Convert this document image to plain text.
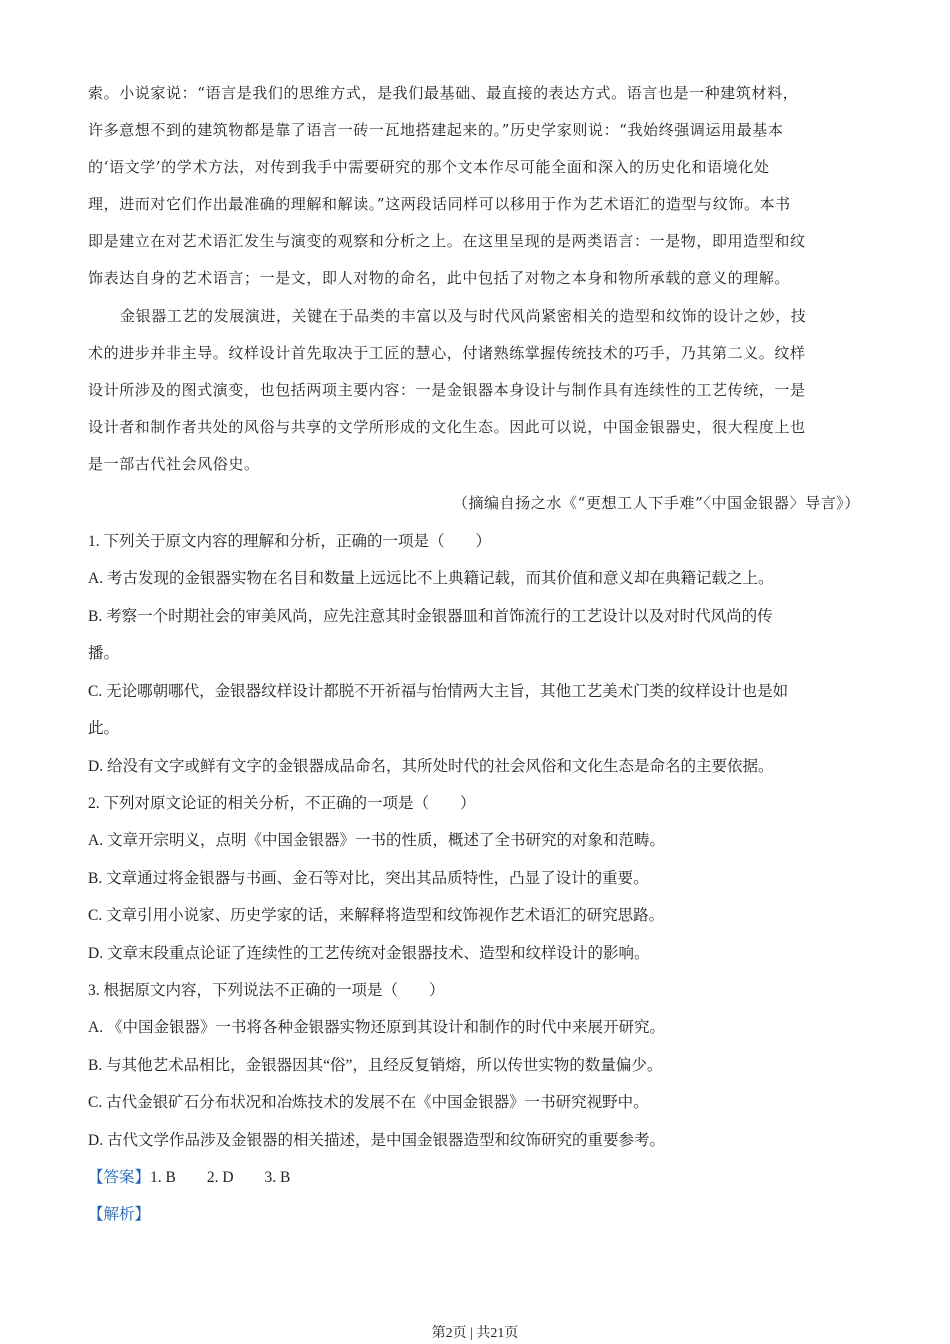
索。小说家说：“语言是我们的思维方式，是我们最基础、最直接的表达方式。语言也是一种建筑材料，
许多意想不到的建筑物都是靠了语言一砖一瓦地搭建起来的。”历史学家则说：“我始终强调运用最基本
的‘语文学’的学术方法，对传到我手中需要研究的那个文本作尽可能全面和深入的历史化和语境化处
理，进而对它们作出最准确的理解和解读。”这两段话同样可以移用于作为艺术语汇的造型与纹饰。本书
即是建立在对艺术语汇发生与演变的观察和分析之上。在这里呈现的是两类语言：一是物，即用造型和纹
饰表达自身的艺术语言；一是文，即人对物的命名，此中包括了对物之本身和物所承载的意义的理解。
金银器工艺的发展演进，关键在于品类的丰富以及与时代风尚紧密相关的造型和纹饰的设计之妙，技
术的进步并非主导。纹样设计首先取决于工匠的慧心，付诸熟练掌握传统技术的巧手，乃其第二义。纹样
设计所涉及的图式演变，也包括两项主要内容：一是金银器本身设计与制作具有连续性的工艺传统，一是
设计者和制作者共处的风俗与共享的文学所形成的文化生态。因此可以说，中国金银器史，很大程度上也
是一部古代社会风俗史。
（摘编自扬之水《“更想工人下手难”〈中国金银器〉导言》）
1. 下列关于原文内容的理解和分析，正确的一项是（　　）
A. 考古发现的金银器实物在名目和数量上远远比不上典籍记载，而其价值和意义却在典籍记载之上。
B. 考察一个时期社会的审美风尚，应先注意其时金银器皿和首饰流行的工艺设计以及对时代风尚的传
播。
C. 无论哪朝哪代，金银器纹样设计都脱不开祈福与怡情两大主旨，其他工艺美术门类的纹样设计也是如
此。
D. 给没有文字或鲜有文字的金银器成品命名，其所处时代的社会风俗和文化生态是命名的主要依据。
2. 下列对原文论证的相关分析，不正确的一项是（　　）
A. 文章开宗明义，点明《中国金银器》一书的性质，概述了全书研究的对象和范畴。
B. 文章通过将金银器与书画、金石等对比，突出其品质特性，凸显了设计的重要。
C. 文章引用小说家、历史学家的话，来解释将造型和纹饰视作艺术语汇的研究思路。
D. 文章末段重点论证了连续性的工艺传统对金银器技术、造型和纹样设计的影响。
3. 根据原文内容，下列说法不正确的一项是（　　）
A. 《中国金银器》一书将各种金银器实物还原到其设计和制作的时代中来展开研究。
B. 与其他艺术品相比，金银器因其“俗”，且经反复销熔，所以传世实物的数量偏少。
C. 古代金银矿石分布状况和冶炼技术的发展不在《中国金银器》一书研究视野中。
D. 古代文学作品涉及金银器的相关描述，是中国金银器造型和纹饰研究的重要参考。
【答案】1. B　　2. D　　3. B
【解析】
第2页 | 共21页
